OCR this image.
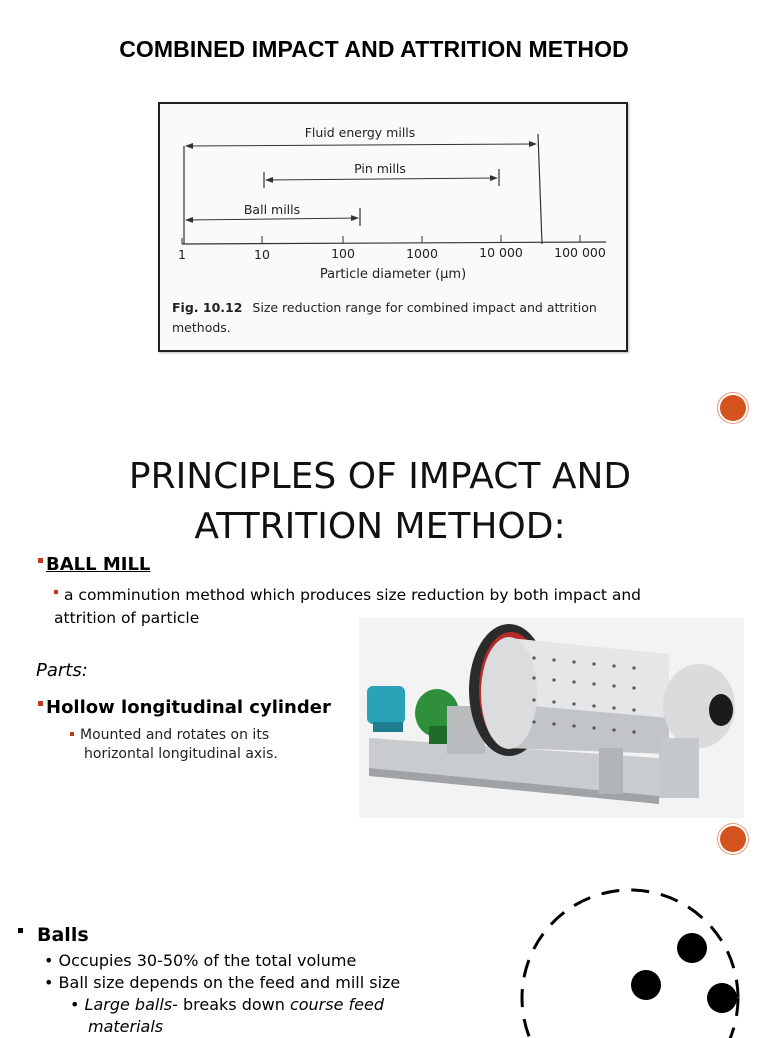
COMBINED IMPACT AND ATTRITION METHOD
Fluid energy mills
Pin mills
Ball mills
1	10	100	1000	10 000	100 000
Particle diameter (μm)
Fig. 10.12 Size reduction range for combined impact and attrition methods.
PRINCIPLES OF IMPACT AND
ATTRITION METHOD:
BALL MILL
a comminution method which produces size reduction by both impact and attrition of particle
Parts:
Hollow longitudinal cylinder
Mounted and rotates on its
horizontal longitudinal axis.
Balls
• Occupies 30-50% of the total volume
• Ball size depends on the feed and mill size
• Large balls- breaks down course feed
materials
